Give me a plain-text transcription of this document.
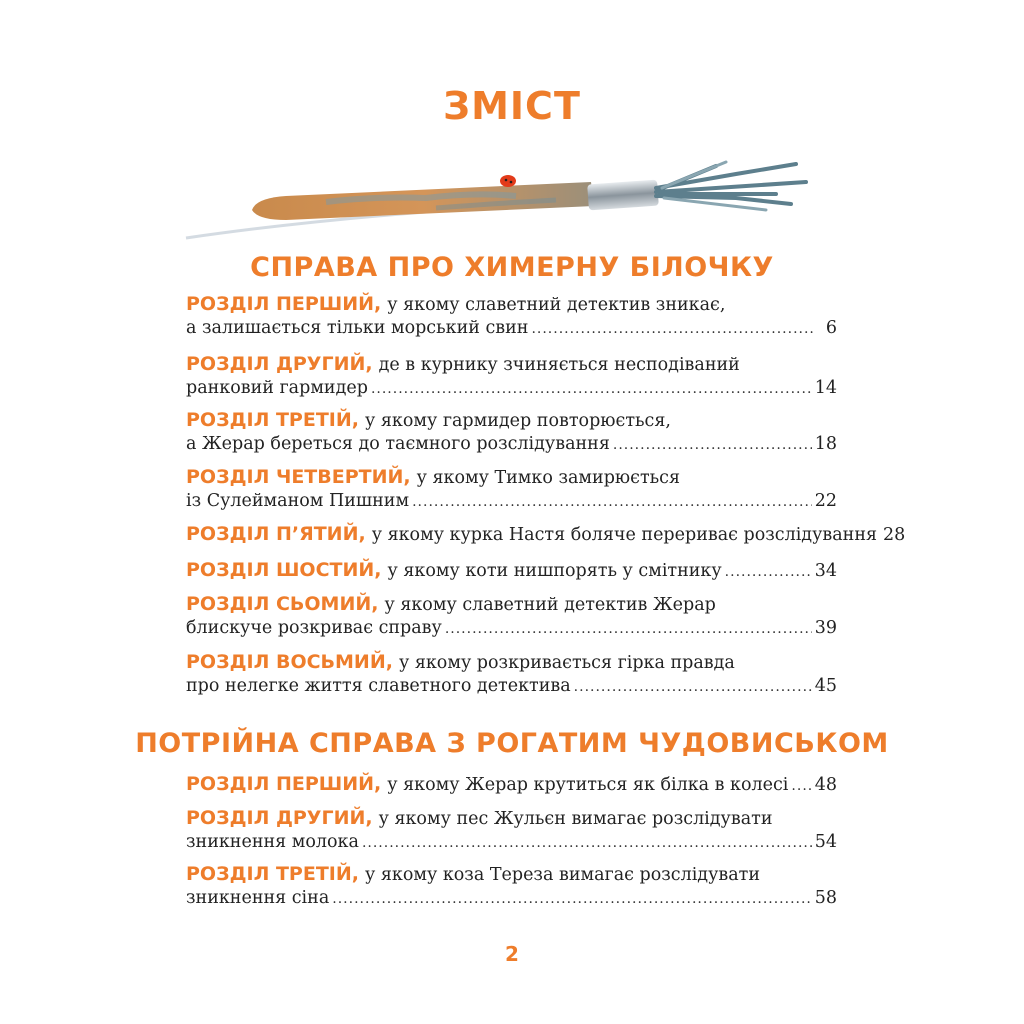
ЗМІСТ
СПРАВА ПРО ХИМЕРНУ БІЛОЧКУ
РОЗДІЛ ПЕРШИЙ, у якому славетний детектив зникає,
а залишається тільки морський свин .....	6
РОЗДІЛ ДРУГИЙ, де в курнику зчиняється несподіваний
ранковий гармидер .....	14
РОЗДІЛ ТРЕТІЙ, у якому гармидер повторюється,
а Жерар береться до таємного розслідування .....	18
РОЗДІЛ ЧЕТВЕРТИЙ, у якому Тимко замирюється
із Сулейманом Пишним .....	22
РОЗДІЛ П’ЯТИЙ, у якому курка Настя боляче перериває розслідування 28
РОЗДІЛ ШОСТИЙ, у якому коти нишпорять у смітнику .....	34
РОЗДІЛ СЬОМИЙ, у якому славетний детектив Жерар
блискуче розкриває справу .....	39
РОЗДІЛ ВОСЬМИЙ, у якому розкривається гірка правда
про нелегке життя славетного детектива .....	45
ПОТРІЙНА СПРАВА З РОГАТИМ ЧУДОВИСЬКОМ
РОЗДІЛ ПЕРШИЙ, у якому Жерар крутиться як білка в колесі ..... 48
РОЗДІЛ ДРУГИЙ, у якому пес Жульєн вимагає розслідувати
зникнення молока .....	54
РОЗДІЛ ТРЕТІЙ, у якому коза Тереза вимагає розслідувати
зникнення сіна .....	58
2
